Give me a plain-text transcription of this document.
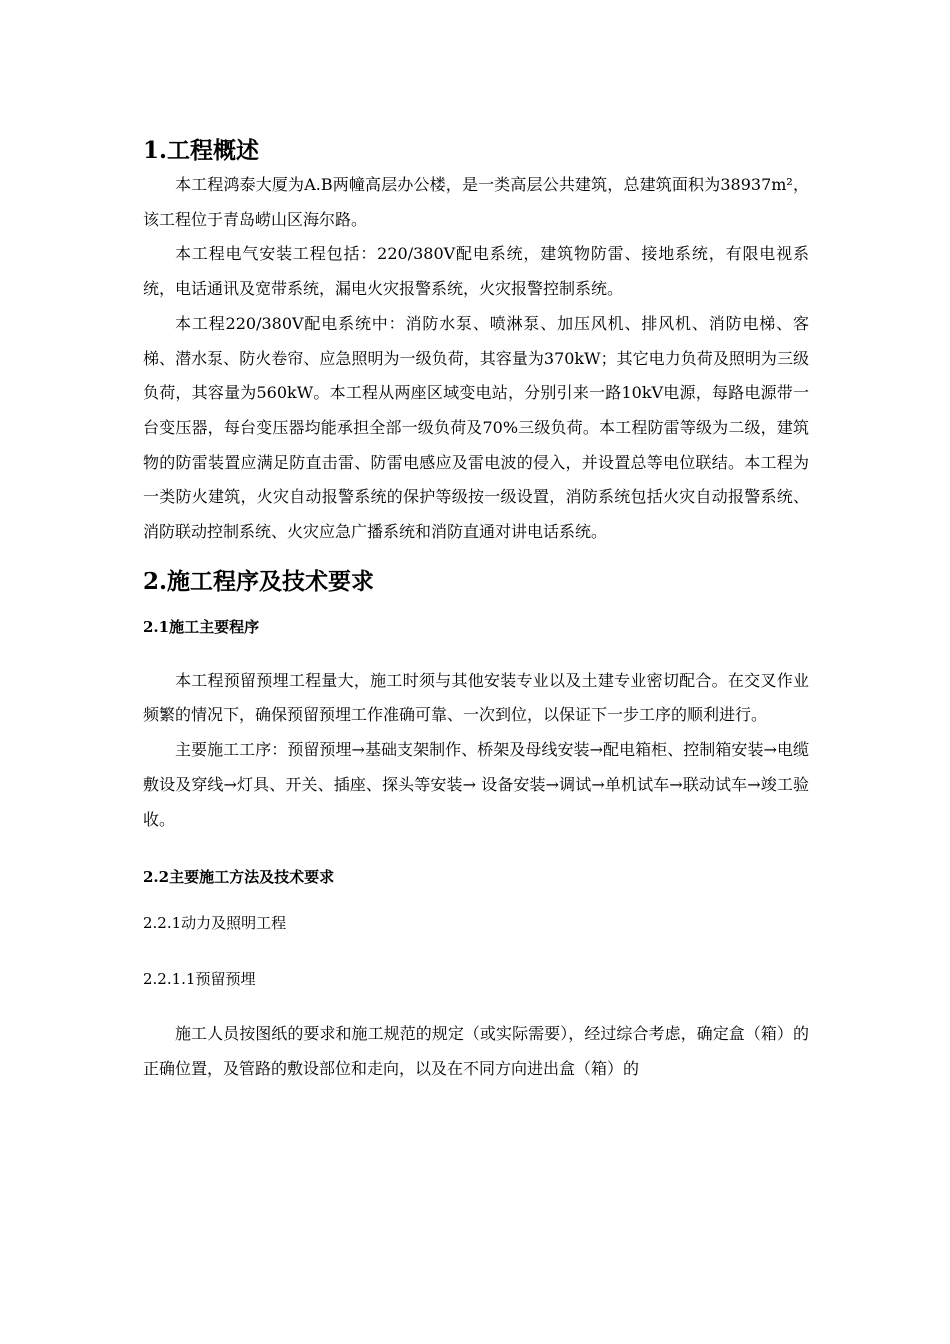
1.工程概述

本工程鸿泰大厦为A.B两幢高层办公楼，是一类高层公共建筑，总建筑面积为38937m²，该工程位于青岛崂山区海尔路。

本工程电气安装工程包括：220/380V配电系统，建筑物防雷、接地系统，有限电视系统，电话通讯及宽带系统，漏电火灾报警系统，火灾报警控制系统。

本工程220/380V配电系统中：消防水泵、喷淋泵、加压风机、排风机、消防电梯、客梯、潜水泵、防火卷帘、应急照明为一级负荷，其容量为370kW；其它电力负荷及照明为三级负荷，其容量为560kW。本工程从两座区域变电站，分别引来一路10kV电源，每路电源带一台变压器，每台变压器均能承担全部一级负荷及70%三级负荷。本工程防雷等级为二级，建筑物的防雷装置应满足防直击雷、防雷电感应及雷电波的侵入，并设置总等电位联结。本工程为一类防火建筑，火灾自动报警系统的保护等级按一级设置，消防系统包括火灾自动报警系统、消防联动控制系统、火灾应急广播系统和消防直通对讲电话系统。

2.施工程序及技术要求
2.1施工主要程序

本工程预留预埋工程量大，施工时须与其他安装专业以及土建专业密切配合。在交叉作业频繁的情况下，确保预留预埋工作准确可靠、一次到位，以保证下一步工序的顺利进行。

主要施工工序：预留预埋→基础支架制作、桥架及母线安装→配电箱柜、控制箱安装→电缆敷设及穿线→灯具、开关、插座、探头等安装→ 设备安装→调试→单机试车→联动试车→竣工验收。

2.2主要施工方法及技术要求
2.2.1动力及照明工程
2.2.1.1预留预埋

施工人员按图纸的要求和施工规范的规定（或实际需要），经过综合考虑，确定盒（箱）的正确位置，及管路的敷设部位和走向，以及在不同方向进出盒（箱）的
